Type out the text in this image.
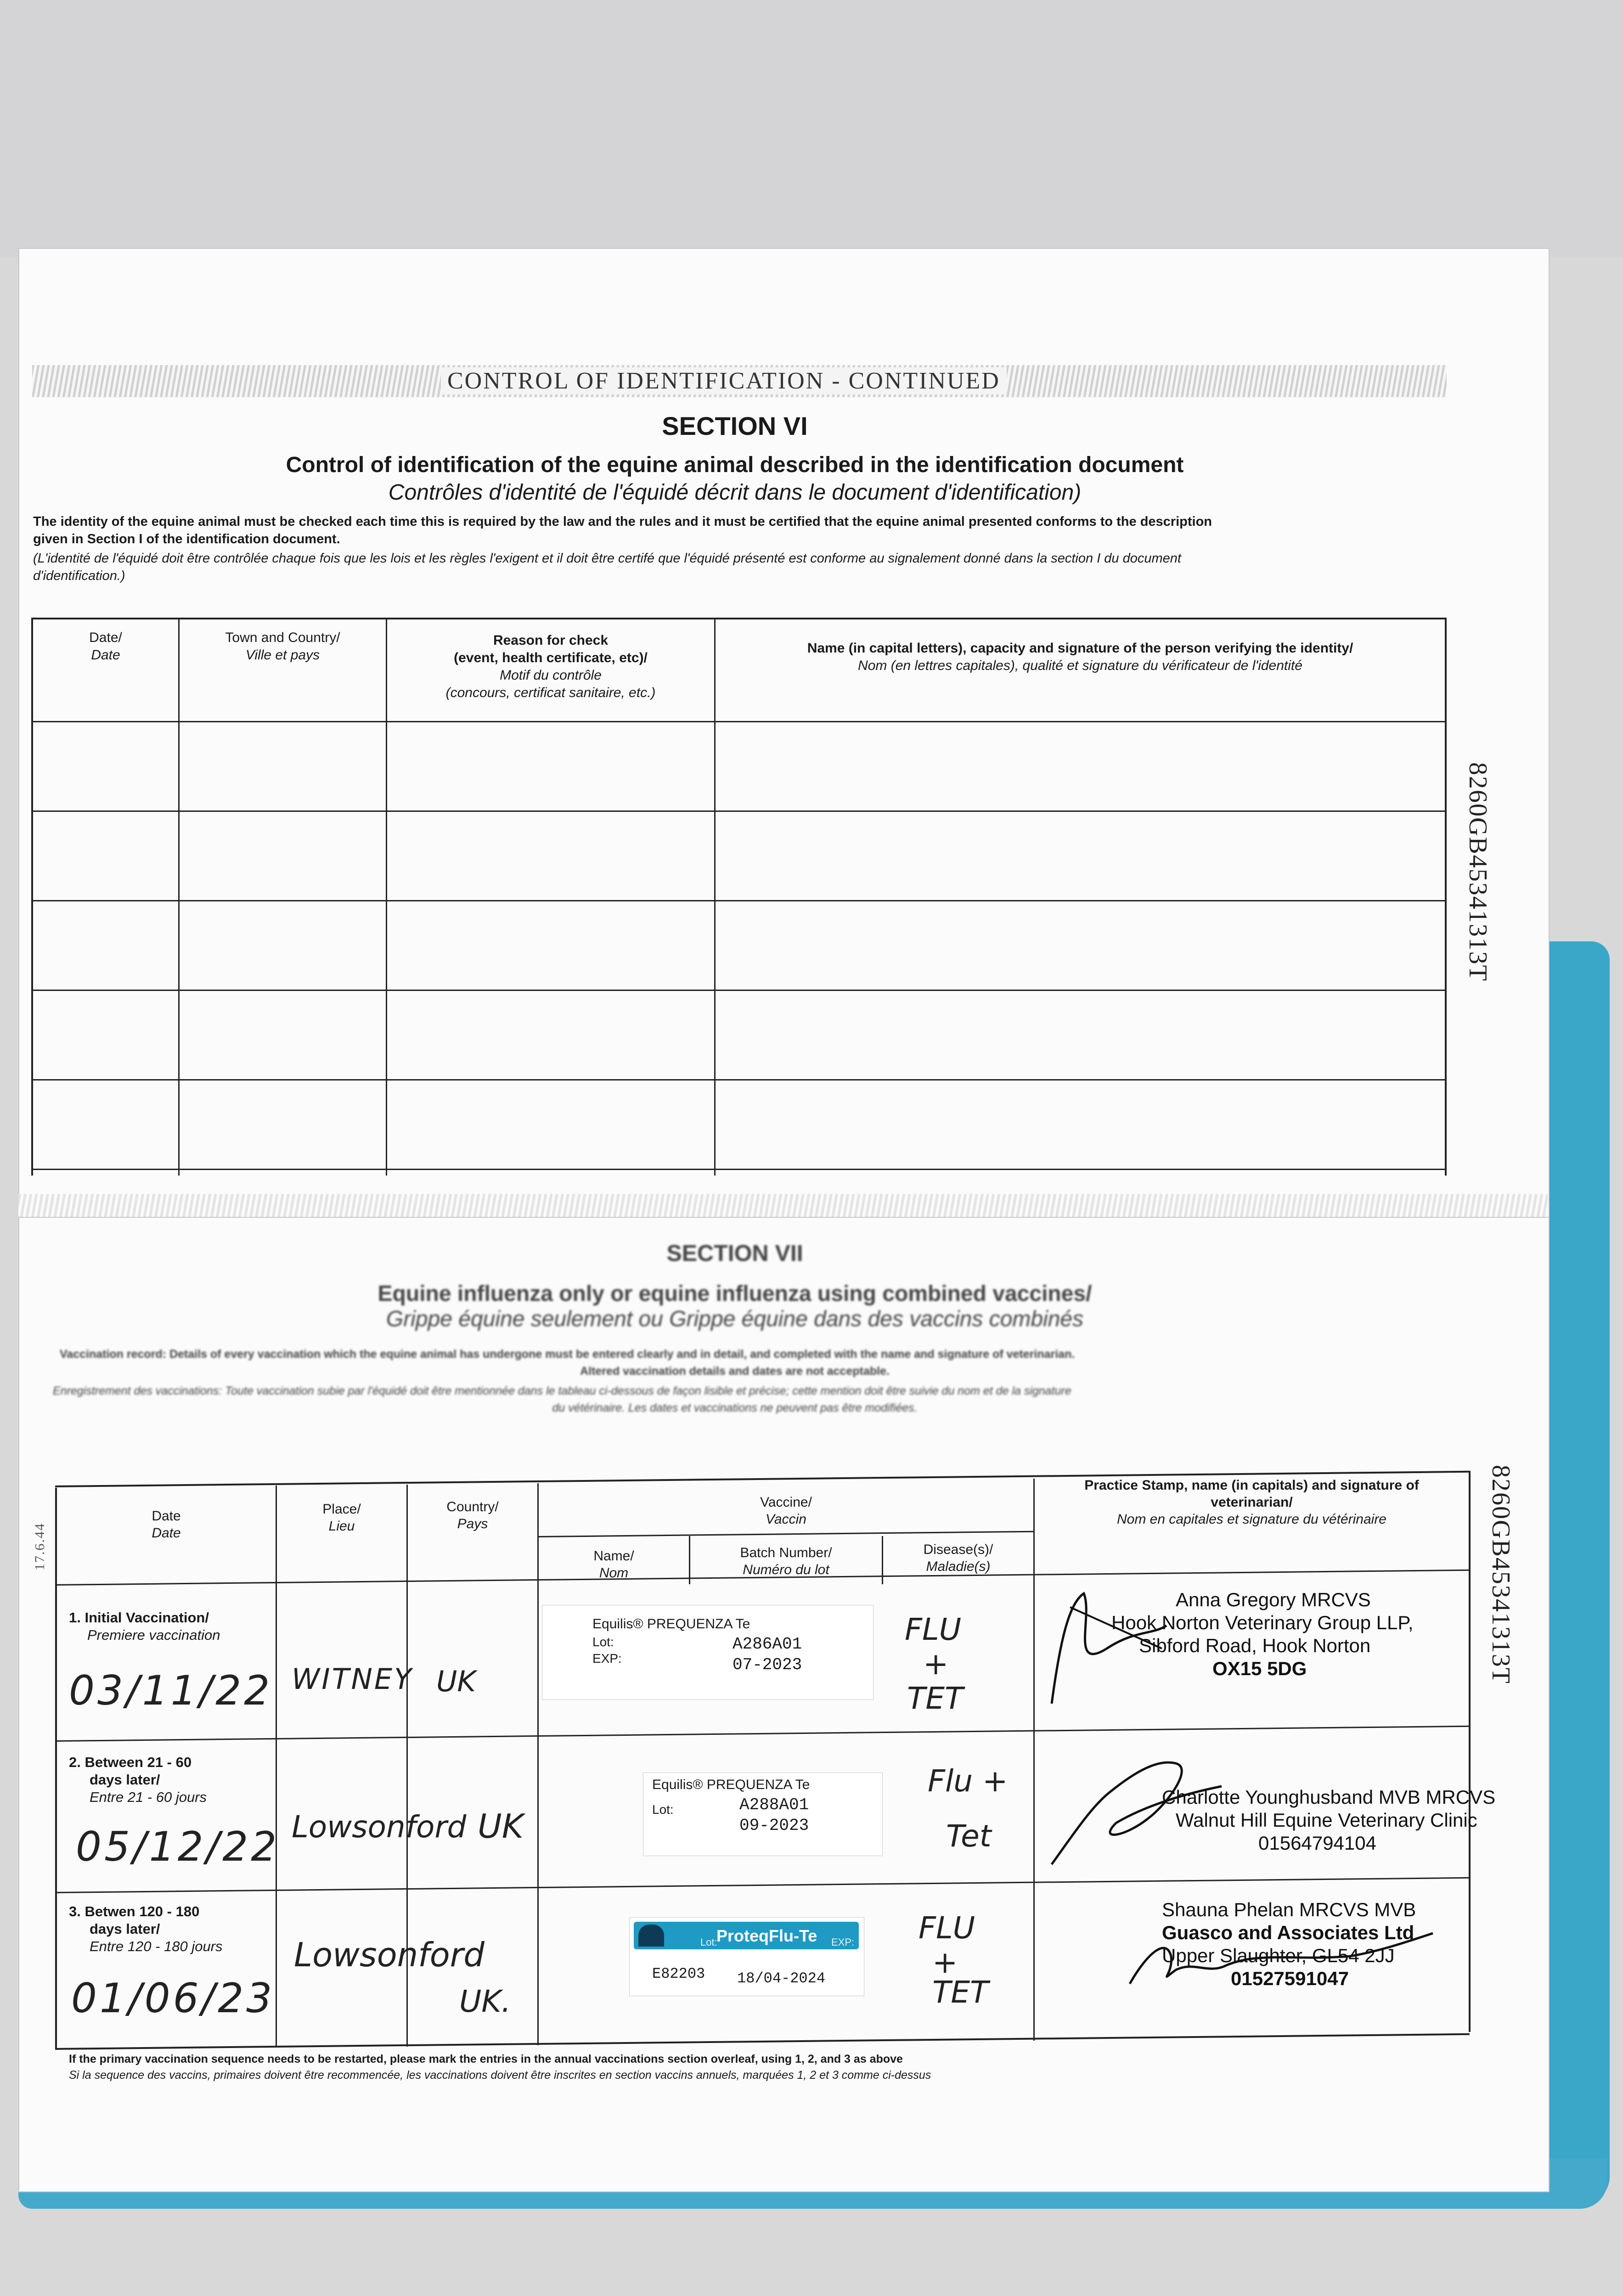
CONTROL OF IDENTIFICATION - CONTINUED
SECTION VI
Control of identification of the equine animal described in the identification document
Contrôles d'identité de l'équidé décrit dans le document d'identification)
The identity of the equine animal must be checked each time this is required by the law and the rules and it must be certified that the equine animal presented conforms to the description
given in Section I of the identification document.
(L'identité de l'équidé doit être contrôlée chaque fois que les lois et les règles l'exigent et il doit être certifé que l'équidé présenté est conforme au signalement donné dans la section I du document
d'identification.)
Date/
Date
Town and Country/
Ville et pays
Reason for check
(event, health certificate, etc)/
Motif du contrôle
(concours, certificat sanitaire, etc.)
Name (in capital letters), capacity and signature of the person verifying the identity/
Nom (en lettres capitales), qualité et signature du vérificateur de l'identité
8260GB45341313T
SECTION VII
Equine influenza only or equine influenza using combined vaccines/
Grippe équine seulement ou Grippe équine dans des vaccins combinés
Vaccination record: Details of every vaccination which the equine animal has undergone must be entered clearly and in detail, and completed with the name and signature of veterinarian.
Altered vaccination details and dates are not acceptable.
Enregistrement des vaccinations: Toute vaccination subie par l'équidé doit être mentionnée dans le tableau ci-dessous de façon lisible et précise; cette mention doit être suivie du nom et de la signature
du vétérinaire. Les dates et vaccinations ne peuvent pas être modifiées.
Date
Date
Place/
Lieu
Country/
Pays
Vaccine/
Vaccin
Name/
Nom
Batch Number/
Numéro du lot
Disease(s)/
Maladie(s)
Practice Stamp, name (in capitals) and signature of
veterinarian/
Nom en capitales et signature du vétérinaire
1. Initial Vaccination/
Premiere vaccination
03/11/22 WITNEY UK
Equilis® PREQUENZA Te
Lot:
EXP:
A286A01
07-2023
FLU
+
TET
Anna Gregory MRCVS
Hook Norton Veterinary Group LLP,
Sibford Road, Hook Norton
OX15 5DG
2. Between 21 - 60
days later/
Entre 21 - 60 jours
05/12/22 Lowsonford UK
Equilis® PREQUENZA Te
Lot:	A288A01
09-2023
Flu +
Tet
Charlotte Younghusband MVB MRCVS
Walnut Hill Equine Veterinary Clinic
01564794104
3. Betwen 120 - 180
days later/
Entre 120 - 180 jours
01/06/23
Lowsonford
UK.
ProteqFlu-Te
Lot:	EXP:
E82203 18/04-2024
FLU
+
TET
Shauna Phelan MRCVS MVB
Guasco and Associates Ltd
Upper Slaughter, GL54 2JJ
01527591047
If the primary vaccination sequence needs to be restarted, please mark the entries in the annual vaccinations section overleaf, using 1, 2, and 3 as above
Si la sequence des vaccins, primaires doivent être recommencée, les vaccinations doivent être inscrites en section vaccins annuels, marquées 1, 2 et 3 comme ci-dessus
8260GB45341313T
17.6.44
